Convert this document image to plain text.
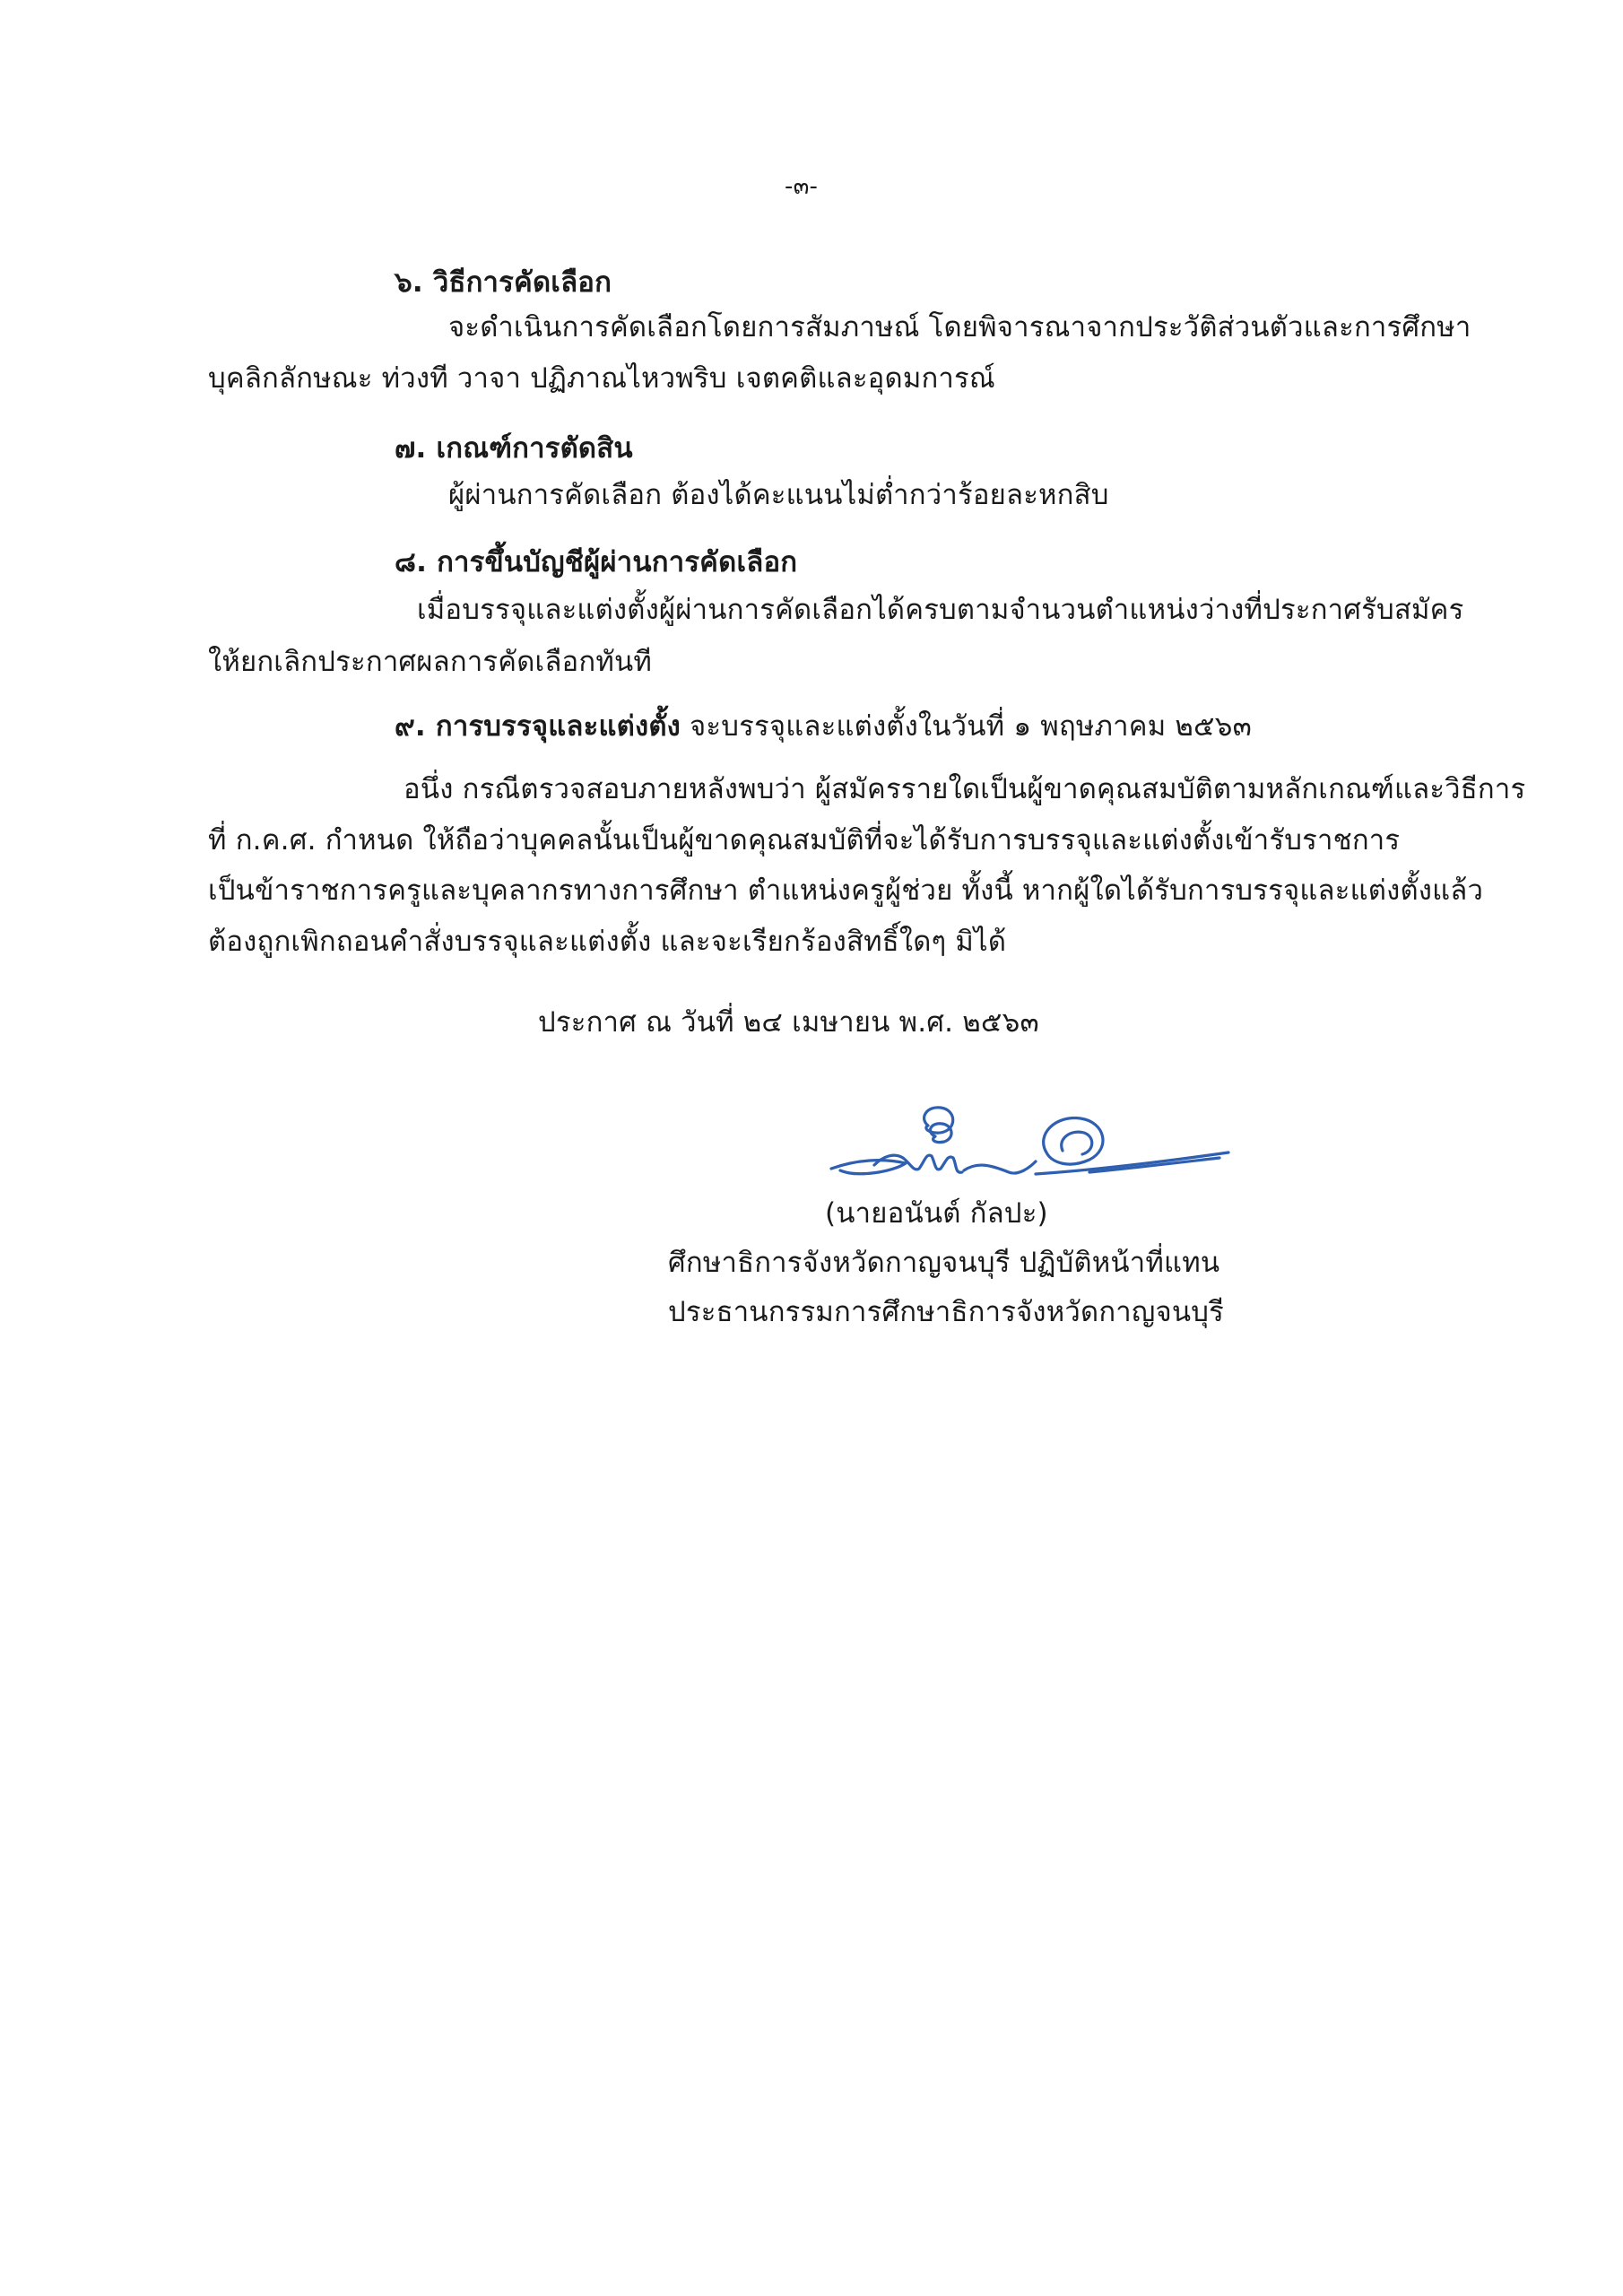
-๓-
๖. วิธีการคัดเลือก
จะดำเนินการคัดเลือกโดยการสัมภาษณ์ โดยพิจารณาจากประวัติส่วนตัวและการศึกษา
บุคลิกลักษณะ ท่วงที วาจา ปฏิภาณไหวพริบ เจตคติและอุดมการณ์
๗. เกณฑ์การตัดสิน
ผู้ผ่านการคัดเลือก ต้องได้คะแนนไม่ต่ำกว่าร้อยละหกสิบ
๘. การขึ้นบัญชีผู้ผ่านการคัดเลือก
เมื่อบรรจุและแต่งตั้งผู้ผ่านการคัดเลือกได้ครบตามจำนวนตำแหน่งว่างที่ประกาศรับสมัคร
ให้ยกเลิกประกาศผลการคัดเลือกทันที
๙. การบรรจุและแต่งตั้ง จะบรรจุและแต่งตั้งในวันที่ ๑ พฤษภาคม ๒๕๖๓
อนึ่ง กรณีตรวจสอบภายหลังพบว่า ผู้สมัครรายใดเป็นผู้ขาดคุณสมบัติตามหลักเกณฑ์และวิธีการ
ที่ ก.ค.ศ. กำหนด ให้ถือว่าบุคคลนั้นเป็นผู้ขาดคุณสมบัติที่จะได้รับการบรรจุและแต่งตั้งเข้ารับราชการ
เป็นข้าราชการครูและบุคลากรทางการศึกษา ตำแหน่งครูผู้ช่วย ทั้งนี้ หากผู้ใดได้รับการบรรจุและแต่งตั้งแล้ว
ต้องถูกเพิกถอนคำสั่งบรรจุและแต่งตั้ง และจะเรียกร้องสิทธิ์ใดๆ มิได้
ประกาศ ณ วันที่ ๒๔ เมษายน พ.ศ. ๒๕๖๓
(นายอนันต์ กัลปะ)
ศึกษาธิการจังหวัดกาญจนบุรี ปฏิบัติหน้าที่แทน
ประธานกรรมการศึกษาธิการจังหวัดกาญจนบุรี
